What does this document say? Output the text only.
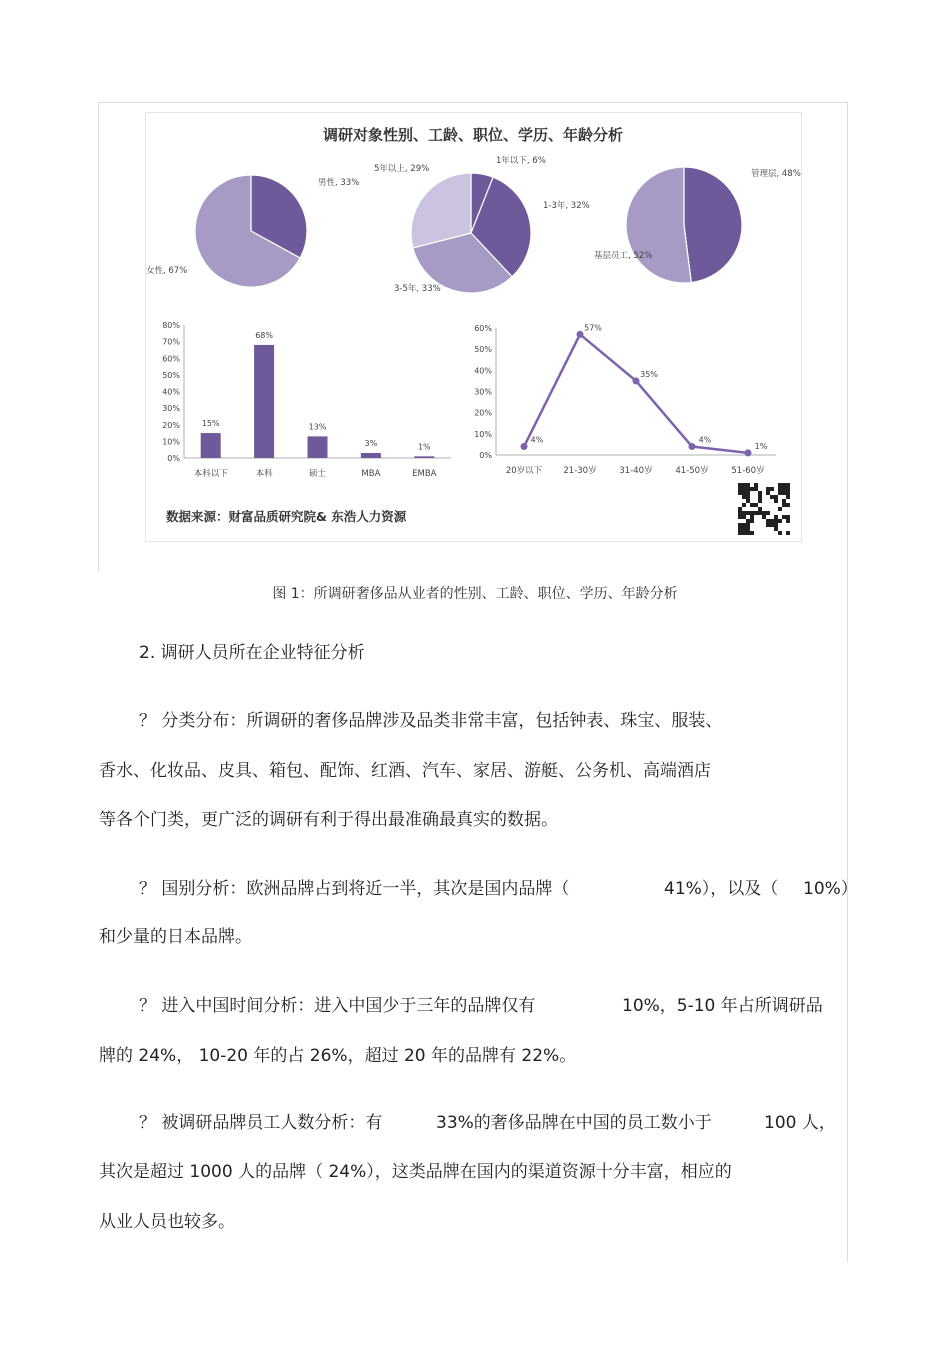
调研对象性别、工龄、职位、学历、年龄分析
男性, 33%
女性, 67%
1年以下, 6%
1-3年, 32%
3-5年, 33%
5年以上, 29%	管理层, 48%
基层员工, 52%
0%
10%
20%
30%
40%
50%
60%
70%
80%
15%
本科以下
68%
本科
13%
硕士
3%
MBA
1%
EMBA
0%
10%
20%
30%
40%
50%
60%
4%
20岁以下
57%
21-30岁
35%
31-40岁
4%
41-50岁
1%
51-60岁
数据来源：财富品质研究院& 东浩人力资源
图 1：所调研奢侈品从业者的性别、工龄、职位、学历、年龄分析
2. 调研人员所在企业特征分析
？ 分类分布：所调研的奢侈品牌涉及品类非常丰富，包括钟表、珠宝、服装、
香水、化妆品、皮具、箱包、配饰、红酒、汽车、家居、游艇、公务机、高端酒店
等各个门类，更广泛的调研有利于得出最准确最真实的数据。
？ 国别分析：欧洲品牌占到将近一半，其次是国内品牌（	41%），以及（ 10%）
和少量的日本品牌。
？ 进入中国时间分析：进入中国少于三年的品牌仅有	10%，5-10 年占所调研品
牌的 24%， 10-20 年的占 26%，超过 20 年的品牌有 22%。
？ 被调研品牌员工人数分析：有	33%的奢侈品牌在中国的员工数小于	100 人，
其次是超过 1000 人的品牌（ 24%），这类品牌在国内的渠道资源十分丰富，相应的
从业人员也较多。
